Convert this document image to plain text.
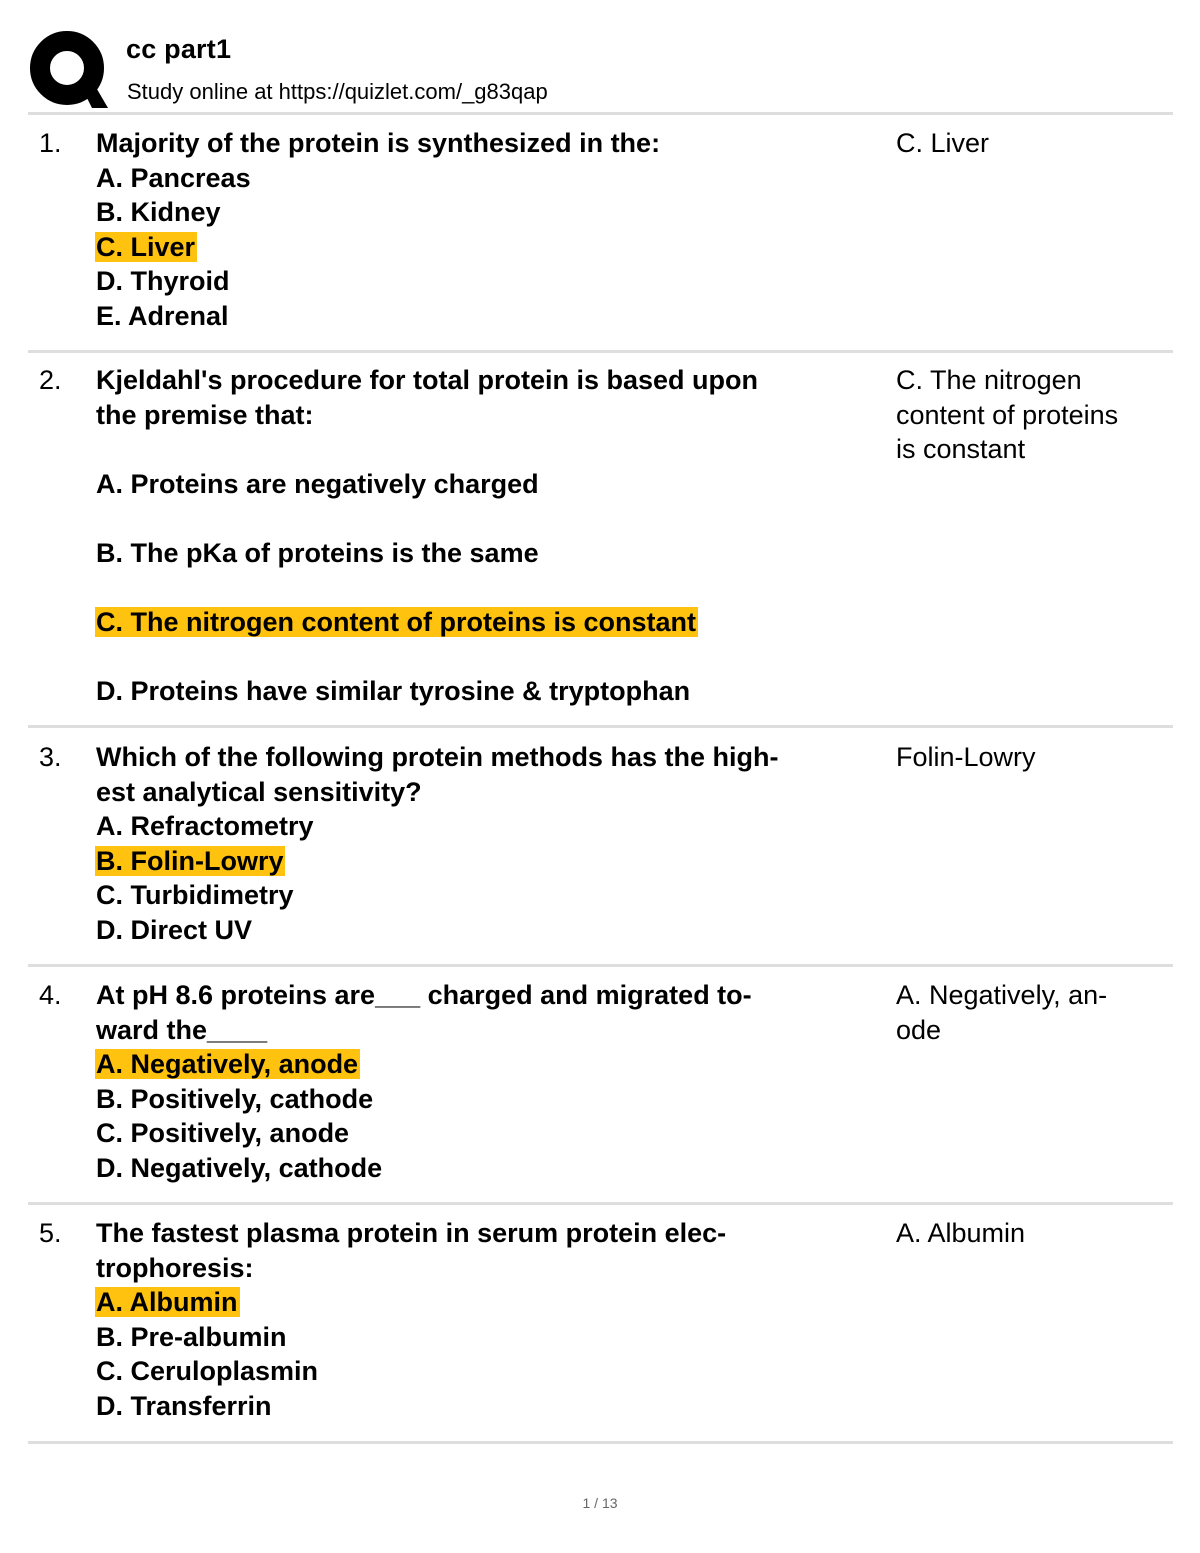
cc part1
Study online at https://quizlet.com/_g83qap
1. Majority of the protein is synthesized in the:
A. Pancreas
B. Kidney
C. Liver
D. Thyroid
E. Adrenal
C. Liver
2. Kjeldahl's procedure for total protein is based upon
the premise that:
A. Proteins are negatively charged
B. The pKa of proteins is the same
C. The nitrogen content of proteins is constant
D. Proteins have similar tyrosine & tryptophan
C. The nitrogen
content of proteins
is constant
3. Which of the following protein methods has the high-
est analytical sensitivity?
A. Refractometry
B. Folin-Lowry
C. Turbidimetry
D. Direct UV
Folin-Lowry
4. At pH 8.6 proteins are___ charged and migrated to-
ward the____
A. Negatively, anode
B. Positively, cathode
C. Positively, anode
D. Negatively, cathode
A. Negatively, an-
ode
5. The fastest plasma protein in serum protein elec-
trophoresis:
A. Albumin
B. Pre-albumin
C. Ceruloplasmin
D. Transferrin
A. Albumin
1 / 13
